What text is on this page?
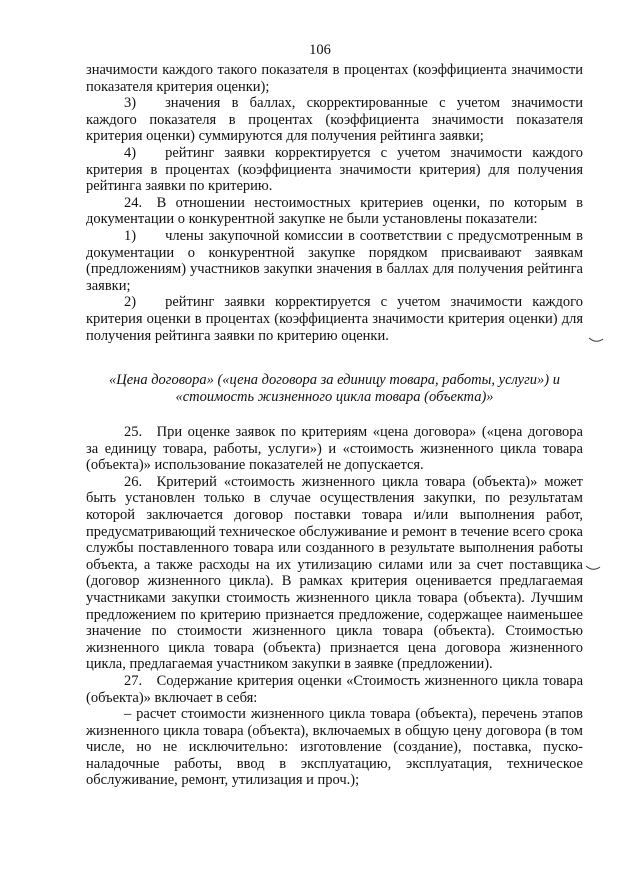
106

значимости каждого такого показателя в процентах (коэффициента значимости показателя критерия оценки);

3)  значения в баллах, скорректированные с учетом значимости каждого показателя в процентах (коэффициента значимости показателя критерия оценки) суммируются для получения рейтинга заявки;

4)  рейтинг заявки корректируется с учетом значимости каждого критерия в процентах (коэффициента значимости критерия) для получения рейтинга заявки по критерию.

24. В отношении нестоимостных критериев оценки, по которым в документации о конкурентной закупке не были установлены показатели:

1)  члены закупочной комиссии в соответствии с предусмотренным в документации о конкурентной закупке порядком присваивают заявкам (предложениям) участников закупки значения в баллах для получения рейтинга заявки;

2)  рейтинг заявки корректируется с учетом значимости каждого критерия оценки в процентах (коэффициента значимости критерия оценки) для получения рейтинга заявки по критерию оценки.

«Цена договора» («цена договора за единицу товара, работы, услуги») и

«стоимость жизненного цикла товара (объекта)»

25. При оценке заявок по критериям «цена договора» («цена договора за единицу товара, работы, услуги») и «стоимость жизненного цикла товара (объекта)» использование показателей не допускается.

26. Критерий «стоимость жизненного цикла товара (объекта)» может быть установлен только в случае осуществления закупки, по результатам которой заключается договор поставки товара и/или выполнения работ, предусматривающий техническое обслуживание и ремонт в течение всего срока службы поставленного товара или созданного в результате выполнения работы объекта, а также расходы на их утилизацию силами или за счет поставщика (договор жизненного цикла). В рамках критерия оценивается предлагаемая участниками закупки стоимость жизненного цикла товара (объекта). Лучшим предложением по критерию признается предложение, содержащее наименьшее значение по стоимости жизненного цикла товара (объекта). Стоимостью жизненного цикла товара (объекта) признается цена договора жизненного цикла, предлагаемая участником закупки в заявке (предложении).

27. Содержание критерия оценки «Стоимость жизненного цикла товара (объекта)» включает в себя:

– расчет стоимости жизненного цикла товара (объекта), перечень этапов жизненного цикла товара (объекта), включаемых в общую цену договора (в том числе, но не исключительно: изготовление (создание), поставка, пуско-наладочные работы, ввод в эксплуатацию, эксплуатация, техническое обслуживание, ремонт, утилизация и проч.);
